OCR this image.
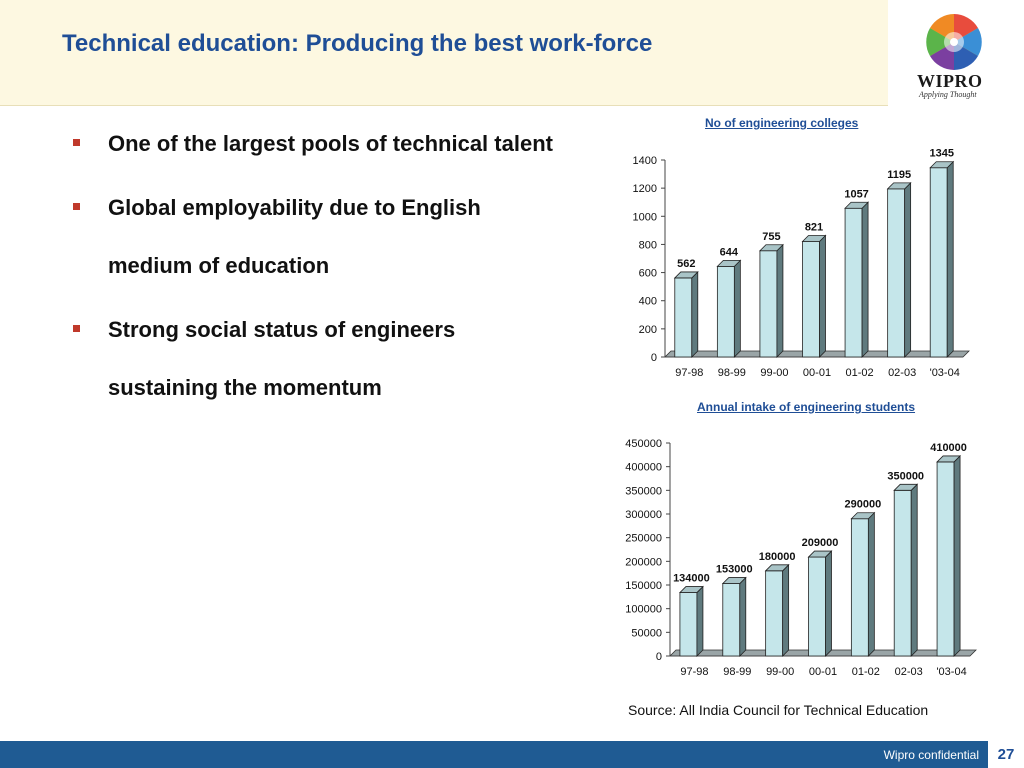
Technical education: Producing the best work-force
WIPRO
Applying Thought
One of the largest pools of technical talent
Global employability due to English medium of education
Strong social status of engineers sustaining the momentum
No of engineering colleges
0
200
400
600
800
1000
1200
1400
562
97-98
644
98-99
755
99-00
821
00-01
1057
01-02
1195
02-03
1345
'03-04
Annual intake of engineering students
0
50000
100000
150000
200000
250000
300000
350000
400000
450000
134000
97-98
153000
98-99
180000
99-00
209000
00-01
290000
01-02
350000
02-03
410000
'03-04
Source: All India Council for Technical Education
Wipro confidential	27
